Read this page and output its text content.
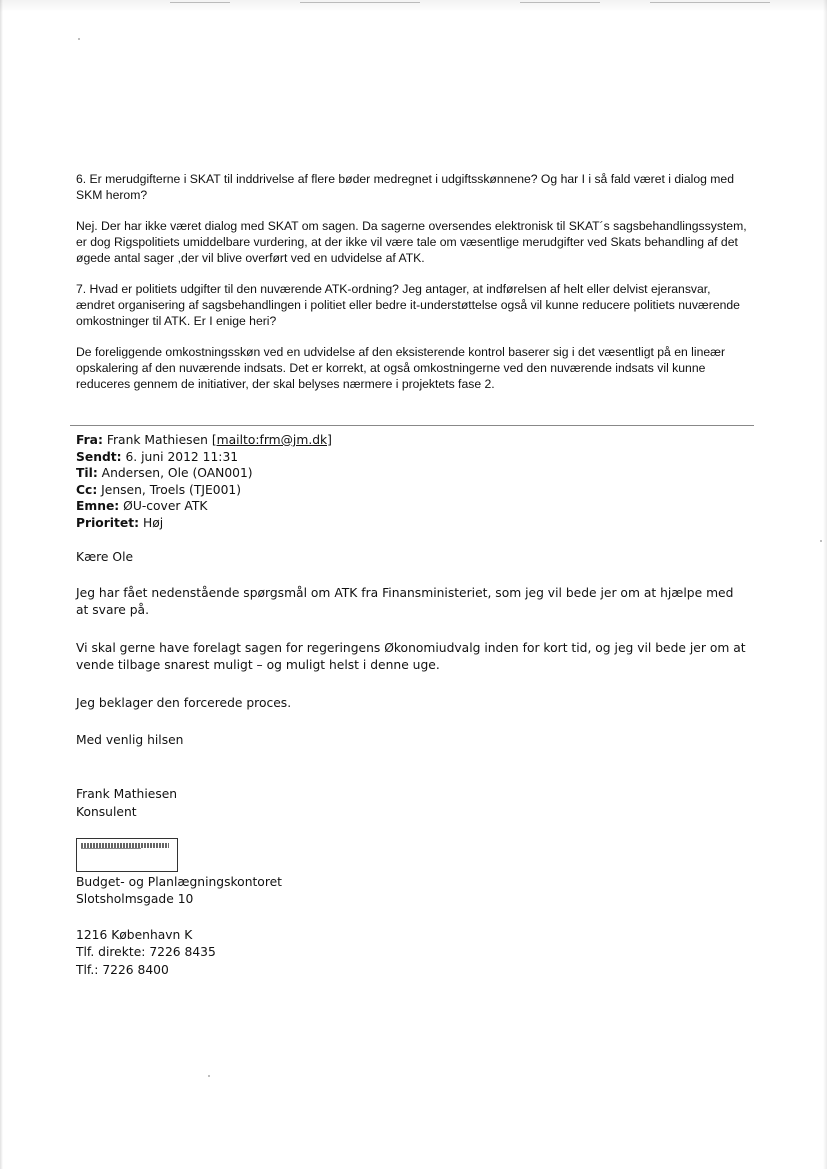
6. Er merudgifterne i SKAT til inddrivelse af flere bøder medregnet i udgiftsskønnene? Og har I i så fald været i dialog med SKM herom?

Nej. Der har ikke været dialog med SKAT om sagen. Da sagerne oversendes elektronisk til SKAT´s sagsbehandlingssystem, er dog Rigspolitiets umiddelbare vurdering, at der ikke vil være tale om væsentlige merudgifter ved Skats behandling af det øgede antal sager ,der vil blive overført ved en udvidelse af ATK.

7. Hvad er politiets udgifter til den nuværende ATK-ordning? Jeg antager, at indførelsen af helt eller delvist ejeransvar, ændret organisering af sagsbehandlingen i politiet eller bedre it-understøttelse også vil kunne reducere politiets nuværende omkostninger til ATK. Er I enige heri?

De foreliggende omkostningsskøn ved en udvidelse af den eksisterende kontrol baserer sig i det væsentligt på en lineær opskalering af den nuværende indsats. Det er korrekt, at også omkostningerne ved den nuværende indsats vil kunne reduceres gennem de initiativer, der skal belyses nærmere i projektets fase 2.

Fra: Frank Mathiesen [mailto:frm@jm.dk]
Sendt: 6. juni 2012 11:31
Til: Andersen, Ole (OAN001)
Cc: Jensen, Troels (TJE001)
Emne: ØU-cover ATK
Prioritet: Høj

Kære Ole

Jeg har fået nedenstående spørgsmål om ATK fra Finansministeriet, som jeg vil bede jer om at hjælpe med at svare på.

Vi skal gerne have forelagt sagen for regeringens Økonomiudvalg inden for kort tid, og jeg vil bede jer om at vende tilbage snarest muligt – og muligt helst i denne uge.

Jeg beklager den forcerede proces.

Med venlig hilsen

Frank Mathiesen

Konsulent

Budget- og Planlægningskontoret

Slotsholmsgade 10

1216 København K

Tlf. direkte: 7226 8435

Tlf.: 7226 8400
